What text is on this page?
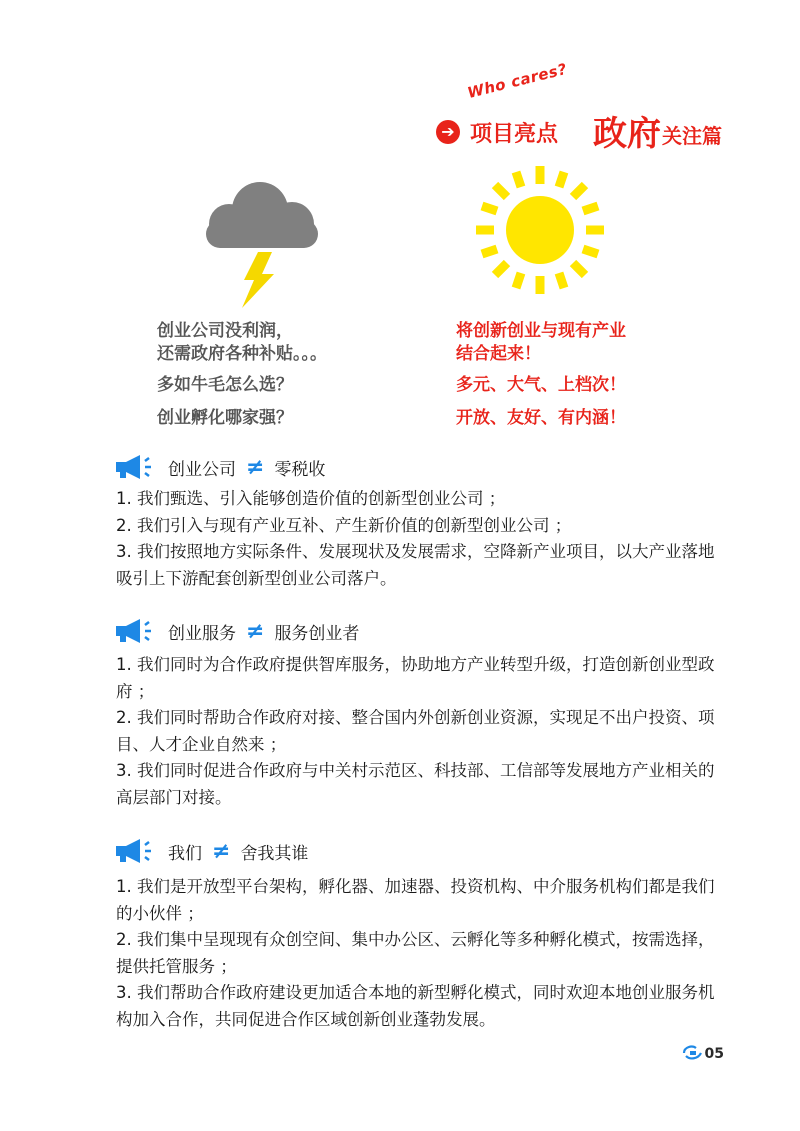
Who cares?
➔ 项目亮点 政府 关注篇
创业公司没利润，
还需政府各种补贴。。。
多如牛毛怎么选？
创业孵化哪家强？
将创新创业与现有产业
结合起来！
多元、大气、上档次！
开放、友好、有内涵！
创业公司 ≠ 零税收

1. 我们甄选、引入能够创造价值的创新型创业公司 ；

2. 我们引入与现有产业互补、产生新价值的创新型创业公司 ；

3. 我们按照地方实际条件、发展现状及发展需求，空降新产业项目，以大产业落地吸引上下游配套创新型创业公司落户。

创业服务 ≠ 服务创业者

1. 我们同时为合作政府提供智库服务，协助地方产业转型升级，打造创新创业型政府 ；

2. 我们同时帮助合作政府对接、整合国内外创新创业资源，实现足不出户投资、项目、人才企业自然来 ；

3. 我们同时促进合作政府与中关村示范区、科技部、工信部等发展地方产业相关的高层部门对接。

我们 ≠ 舍我其谁

1. 我们是开放型平台架构，孵化器、加速器、投资机构、中介服务机构们都是我们的小伙伴 ；

2. 我们集中呈现现有众创空间、集中办公区、云孵化等多种孵化模式，按需选择，提供托管服务 ；

3. 我们帮助合作政府建设更加适合本地的新型孵化模式，同时欢迎本地创业服务机构加入合作，共同促进合作区域创新创业蓬勃发展。

05
